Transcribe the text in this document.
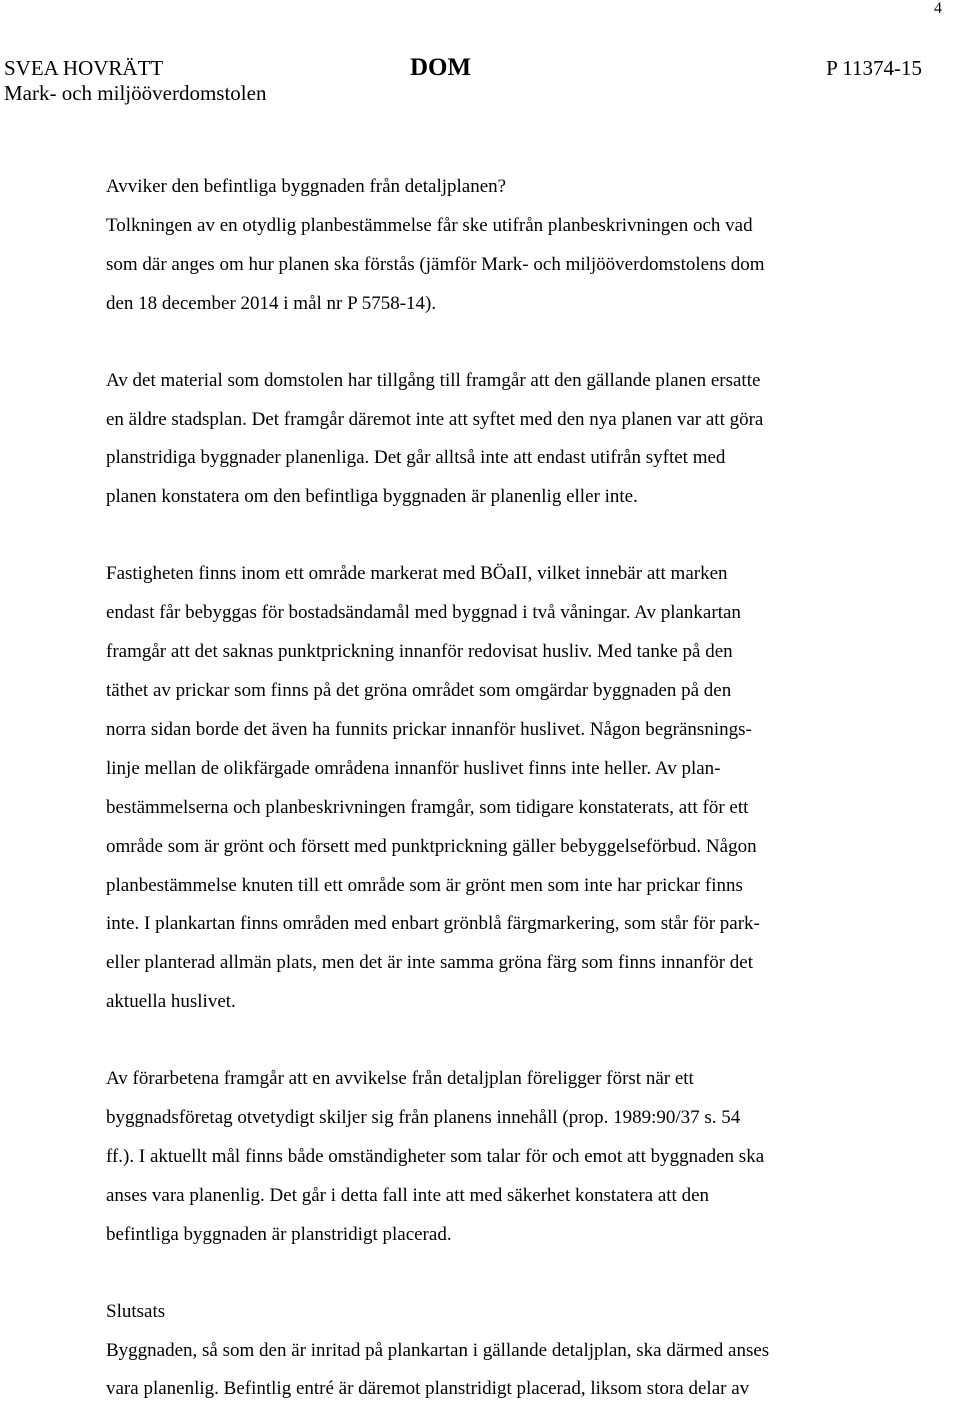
4
SVEA HOVRÄTT
Mark- och miljööverdomstolen
DOM	P 11374-15

Avviker den befintliga byggnaden från detaljplanen?
Tolkningen av en otydlig planbestämmelse får ske utifrån planbeskrivningen och vad
som där anges om hur planen ska förstås (jämför Mark- och miljööverdomstolens dom
den 18 december 2014 i mål nr P 5758-14).

Av det material som domstolen har tillgång till framgår att den gällande planen ersatte
en äldre stadsplan. Det framgår däremot inte att syftet med den nya planen var att göra
planstridiga byggnader planenliga. Det går alltså inte att endast utifrån syftet med
planen konstatera om den befintliga byggnaden är planenlig eller inte.

Fastigheten finns inom ett område markerat med BÖaII, vilket innebär att marken
endast får bebyggas för bostadsändamål med byggnad i två våningar. Av plankartan
framgår att det saknas punktprickning innanför redovisat husliv. Med tanke på den
täthet av prickar som finns på det gröna området som omgärdar byggnaden på den
norra sidan borde det även ha funnits prickar innanför huslivet. Någon begränsnings-
linje mellan de olikfärgade områdena innanför huslivet finns inte heller. Av plan-
bestämmelserna och planbeskrivningen framgår, som tidigare konstaterats, att för ett
område som är grönt och försett med punktprickning gäller bebyggelseförbud. Någon
planbestämmelse knuten till ett område som är grönt men som inte har prickar finns
inte. I plankartan finns områden med enbart grönblå färgmarkering, som står för park-
eller planterad allmän plats, men det är inte samma gröna färg som finns innanför det
aktuella huslivet.

Av förarbetena framgår att en avvikelse från detaljplan föreligger först när ett
byggnadsföretag otvetydigt skiljer sig från planens innehåll (prop. 1989:90/37 s. 54
ff.). I aktuellt mål finns både omständigheter som talar för och emot att byggnaden ska
anses vara planenlig. Det går i detta fall inte att med säkerhet konstatera att den
befintliga byggnaden är planstridigt placerad.

Slutsats

Byggnaden, så som den är inritad på plankartan i gällande detaljplan, ska därmed anses
vara planenlig. Befintlig entré är däremot planstridigt placerad, liksom stora delar av
